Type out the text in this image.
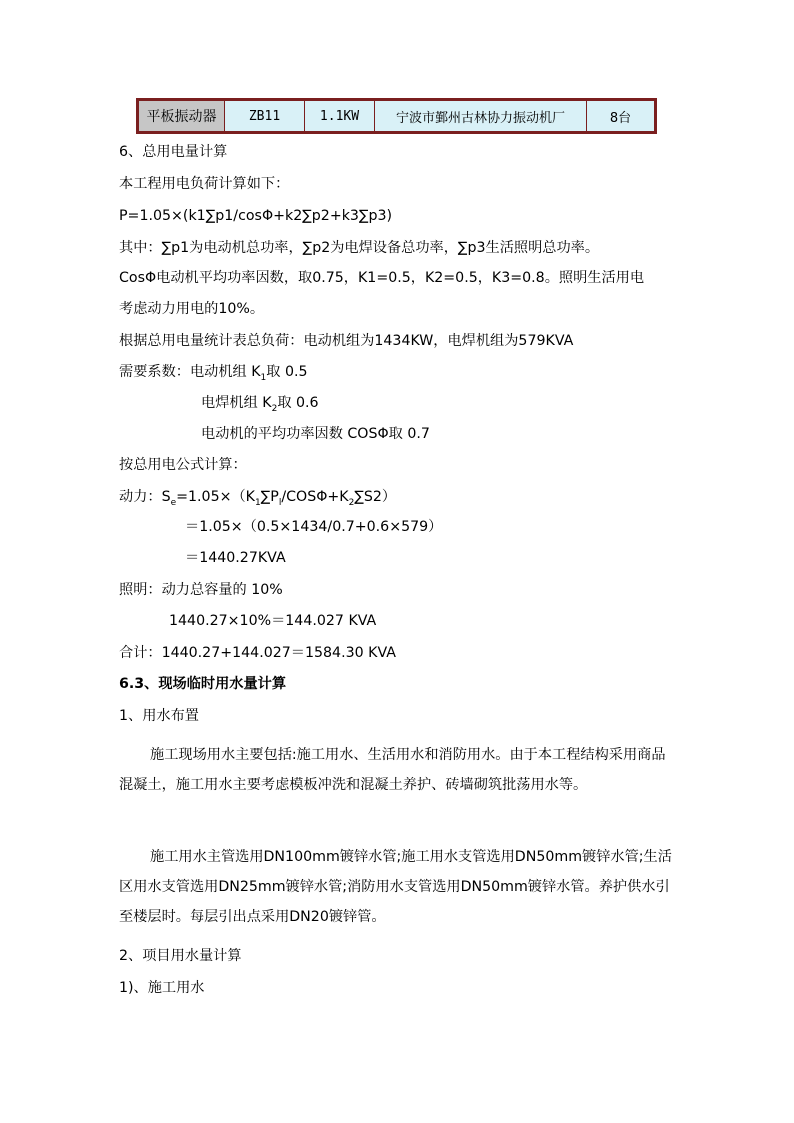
平板振动器	ZB11	1.1KW	宁波市鄞州古林协力振动机厂	8台
6、总用电量计算
本工程用电负荷计算如下：
P=1.05×(k1∑p1/cosΦ+k2∑p2+k3∑p3)
其中：∑p1为电动机总功率，∑p2为电焊设备总功率，∑p3生活照明总功率。
CosΦ电动机平均功率因数，取0.75，K1=0.5，K2=0.5，K3=0.8。照明生活用电
考虑动力用电的10%。
根据总用电量统计表总负荷：电动机组为1434KW，电焊机组为579KVA
需要系数：电动机组 $K_1$取 0.5
电焊机组 $K_2$取 0.6
电动机的平均功率因数 COSΦ取 0.7
按总用电公式计算：
动力：$S_e=1.05\times(K_1\sum P_l/COS\Phi+K_2\sum S2)$
＝1.05×（0.5×1434/0.7+0.6×579）
＝1440.27KVA
照明：动力总容量的 10%
1440.27×10%＝144.027 KVA
合计：1440.27+144.027＝1584.30 KVA
6.3、现场临时用水量计算
1、用水布置
施工现场用水主要包括:施工用水、生活用水和消防用水。由于本工程结构采用商品混凝土，施工用水主要考虑模板冲洗和混凝土养护、砖墙砌筑批荡用水等。
施工用水主管选用DN100mm镀锌水管;施工用水支管选用DN50mm镀锌水管;生活区用水支管选用DN25mm镀锌水管;消防用水支管选用DN50mm镀锌水管。养护供水引至楼层时。每层引出点采用DN20镀锌管。
2、项目用水量计算
1)、施工用水
